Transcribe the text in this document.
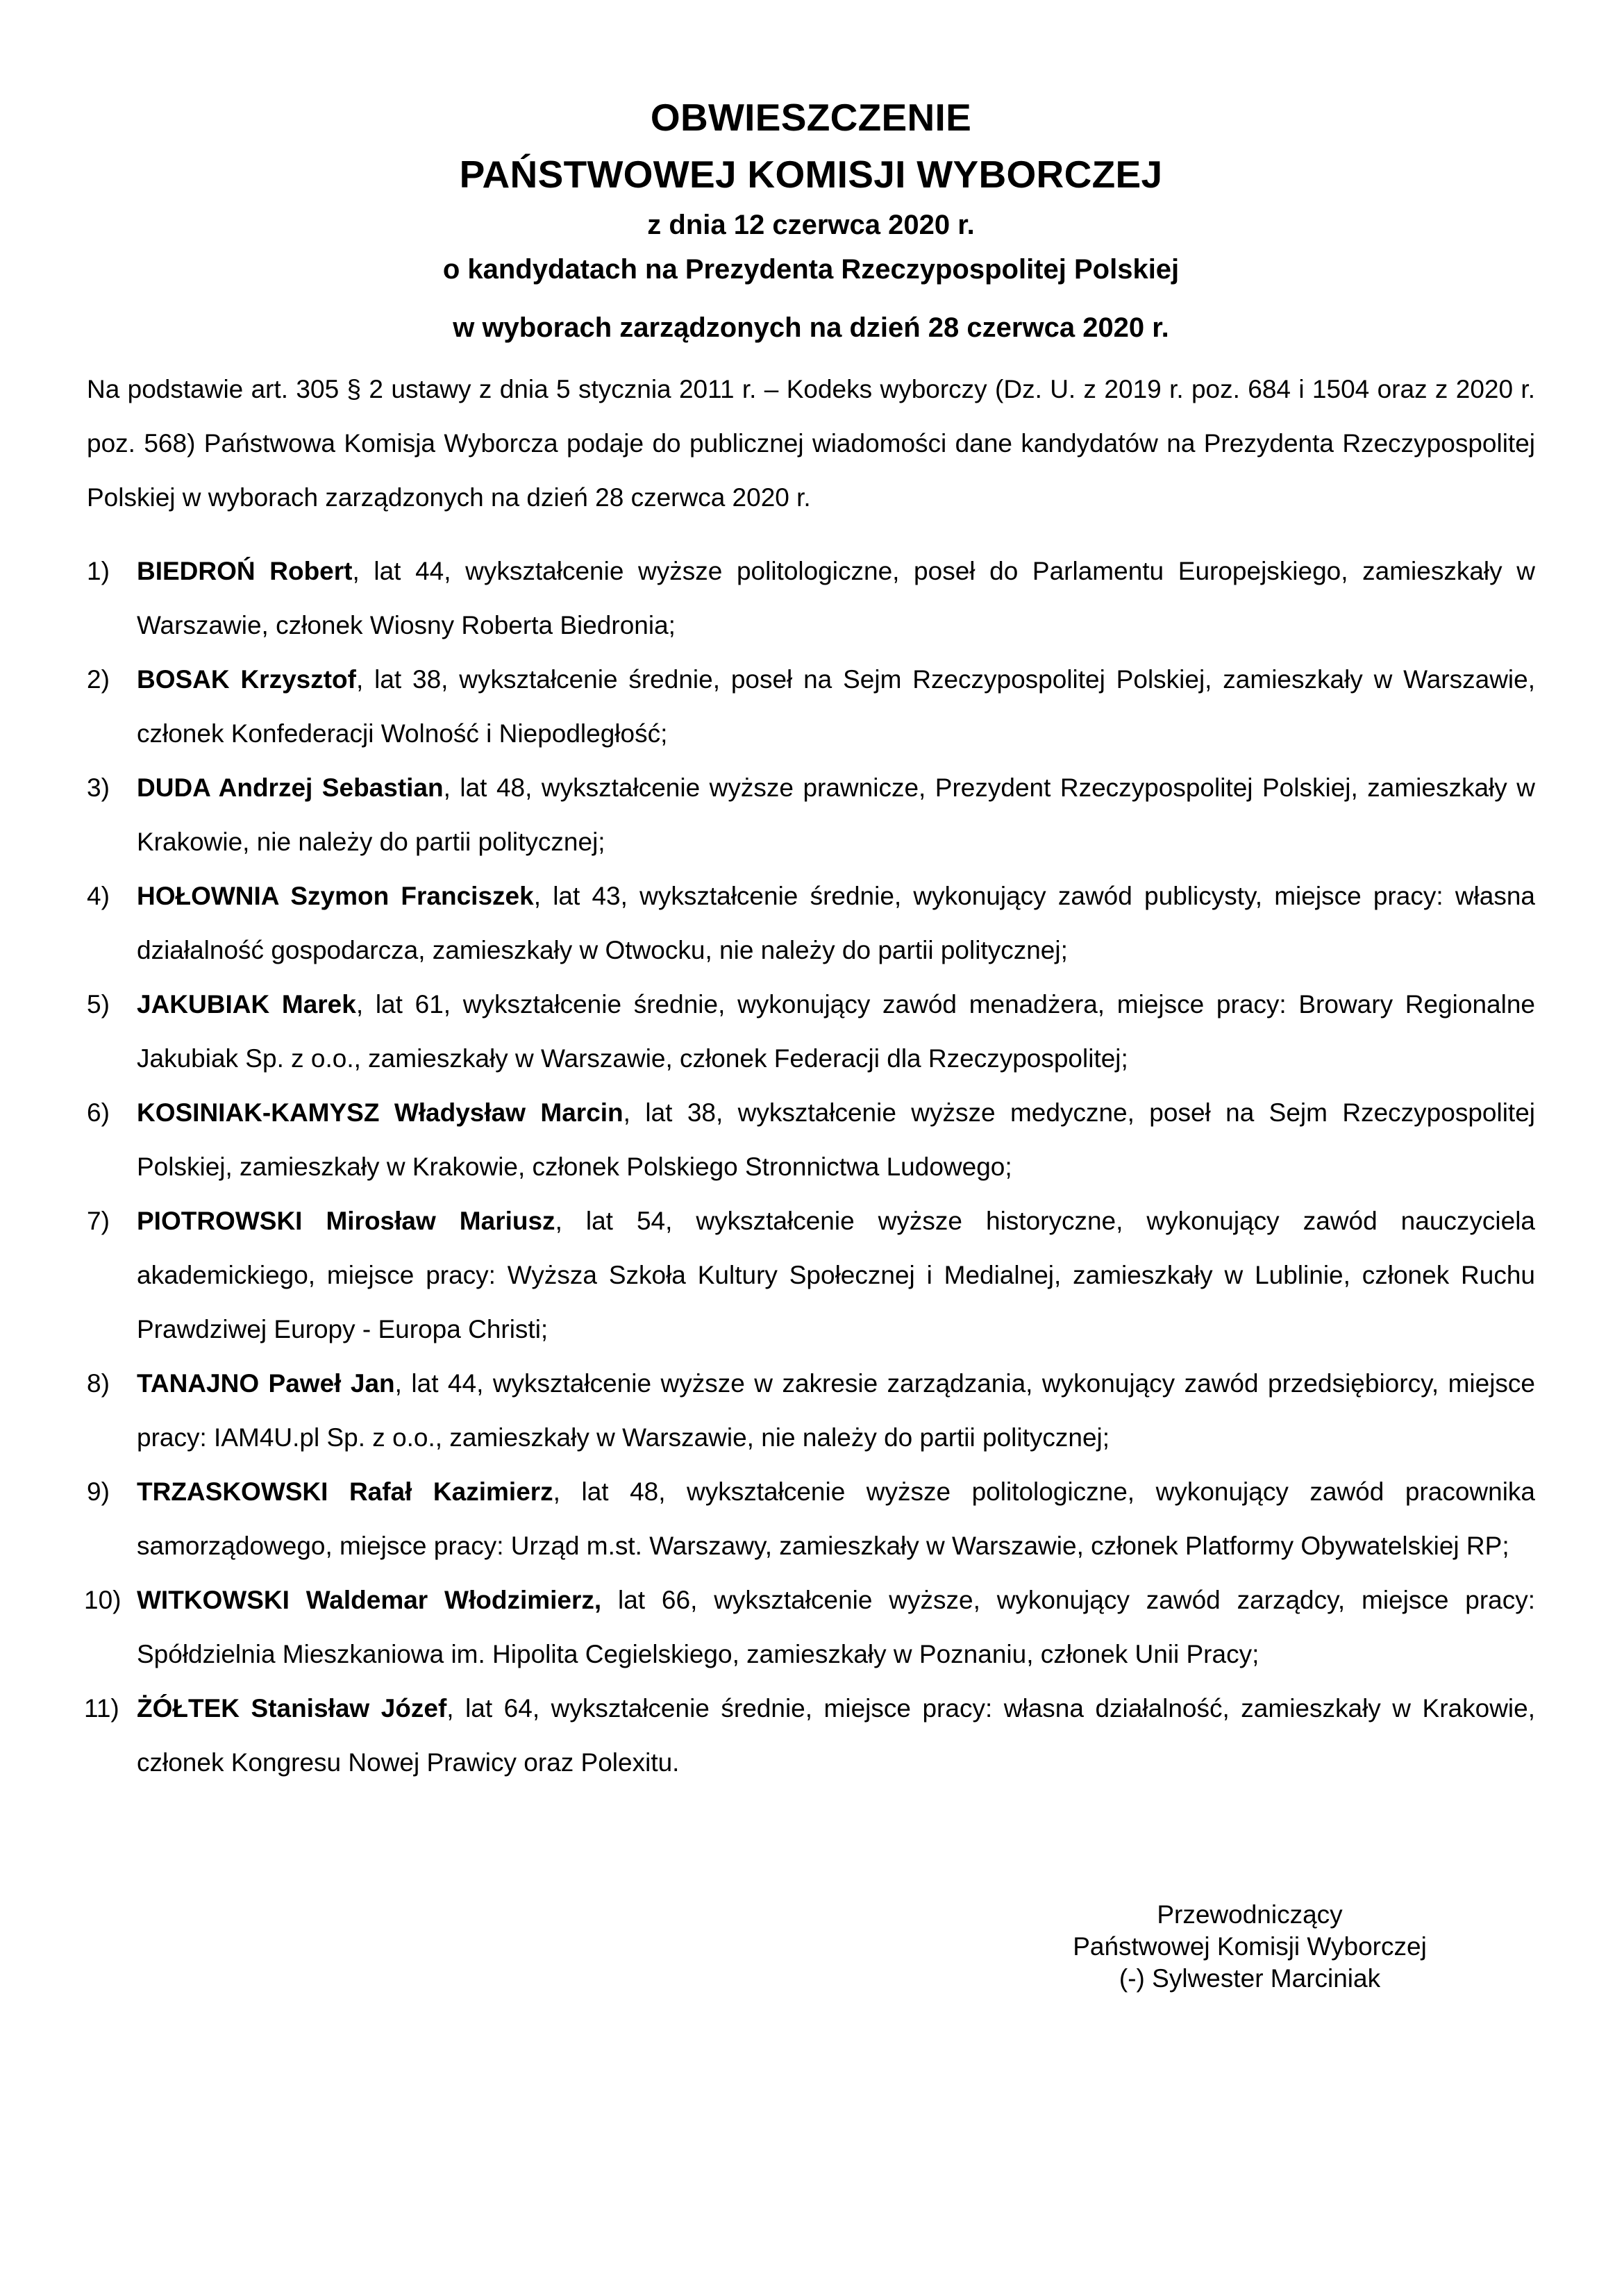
OBWIESZCZENIE
PAŃSTWOWEJ KOMISJI WYBORCZEJ
z dnia 12 czerwca 2020 r.
o kandydatach na Prezydenta Rzeczypospolitej Polskiej
w wyborach zarządzonych na dzień 28 czerwca 2020 r.

Na podstawie art. 305 § 2 ustawy z dnia 5 stycznia 2011 r. – Kodeks wyborczy (Dz. U. z 2019 r. poz. 684 i 1504 oraz z 2020 r. poz. 568) Państwowa Komisja Wyborcza podaje do publicznej wiadomości dane kandydatów na Prezydenta Rzeczypospolitej Polskiej w wyborach zarządzonych na dzień 28 czerwca 2020 r.

1)	BIEDROŃ Robert, lat 44, wykształcenie wyższe politologiczne, poseł do Parlamentu Europejskiego, zamieszkały w Warszawie, członek Wiosny Roberta Biedronia;
2)	BOSAK Krzysztof, lat 38, wykształcenie średnie, poseł na Sejm Rzeczypospolitej Polskiej, zamieszkały w Warszawie, członek Konfederacji Wolność i Niepodległość;
3)	DUDA Andrzej Sebastian, lat 48, wykształcenie wyższe prawnicze, Prezydent Rzeczypospolitej Polskiej, zamieszkały w Krakowie, nie należy do partii politycznej;
4)	HOŁOWNIA Szymon Franciszek, lat 43, wykształcenie średnie, wykonujący zawód publicysty, miejsce pracy: własna działalność gospodarcza, zamieszkały w Otwocku, nie należy do partii politycznej;
5)	JAKUBIAK Marek, lat 61, wykształcenie średnie, wykonujący zawód menadżera, miejsce pracy: Browary Regionalne Jakubiak Sp. z o.o., zamieszkały w Warszawie, członek Federacji dla Rzeczypospolitej;
6)	KOSINIAK-KAMYSZ Władysław Marcin, lat 38, wykształcenie wyższe medyczne, poseł na Sejm Rzeczypospolitej Polskiej, zamieszkały w Krakowie, członek Polskiego Stronnictwa Ludowego;
7)	PIOTROWSKI Mirosław Mariusz, lat 54, wykształcenie wyższe historyczne, wykonujący zawód nauczyciela akademickiego, miejsce pracy: Wyższa Szkoła Kultury Społecznej i Medialnej, zamieszkały w Lublinie, członek Ruchu Prawdziwej Europy - Europa Christi;
8)	TANAJNO Paweł Jan, lat 44, wykształcenie wyższe w zakresie zarządzania, wykonujący zawód przedsiębiorcy, miejsce pracy: IAM4U.pl Sp. z o.o., zamieszkały w Warszawie, nie należy do partii politycznej;
9)	TRZASKOWSKI Rafał Kazimierz, lat 48, wykształcenie wyższe politologiczne, wykonujący zawód pracownika samorządowego, miejsce pracy: Urząd m.st. Warszawy, zamieszkały w Warszawie, członek Platformy Obywatelskiej RP;
10) WITKOWSKI Waldemar Włodzimierz, lat 66, wykształcenie wyższe, wykonujący zawód zarządcy, miejsce pracy: Spółdzielnia Mieszkaniowa im. Hipolita Cegielskiego, zamieszkały w Poznaniu, członek Unii Pracy;
11) ŻÓŁTEK Stanisław Józef, lat 64, wykształcenie średnie, miejsce pracy: własna działalność, zamieszkały w Krakowie, członek Kongresu Nowej Prawicy oraz Polexitu.
Przewodniczący
Państwowej Komisji Wyborczej
(-) Sylwester Marciniak
